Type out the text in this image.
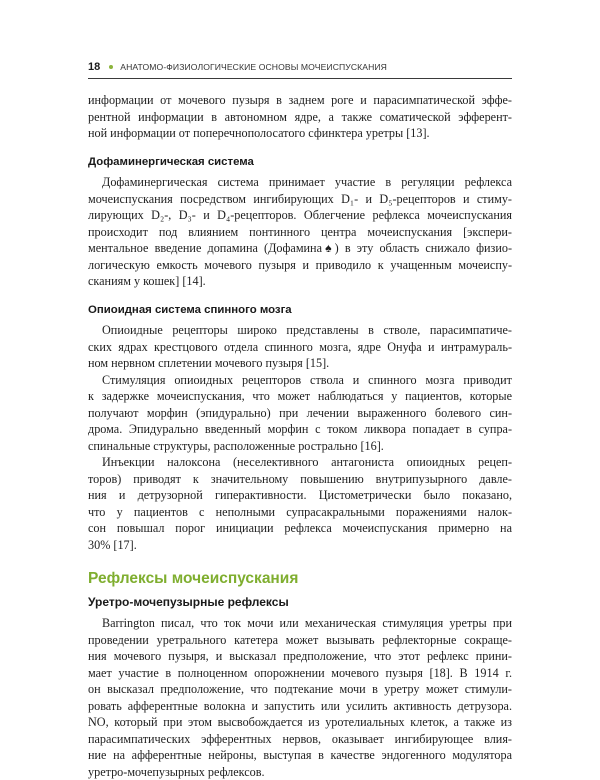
18 АНАТОМО-ФИЗИОЛОГИЧЕСКИЕ ОСНОВЫ МОЧЕИСПУСКАНИЯ

информации от мочевого пузыря в заднем роге и парасимпатической эффе-
рентной информации в автономном ядре, а также соматической эфферент-
ной информации от поперечнополосатого сфинктера уретры [13].

Дофаминергическая система

Дофаминергическая система принимает участие в регуляции рефлекса
мочеиспускания посредством ингибирующих D₁- и D₅-рецепторов и стиму-
лирующих D₂-, D₃- и D₄-рецепторов. Облегчение рефлекса мочеиспускания
происходит под влиянием понтинного центра мочеиспускания [экспери-
ментальное введение допамина (Дофамина♠) в эту область снижало физио-
логическую емкость мочевого пузыря и приводило к учащенным мочеиспу-
сканиям у кошек] [14].

Опиоидная система спинного мозга

Опиоидные рецепторы широко представлены в стволе, парасимпатиче-
ских ядрах крестцового отдела спинного мозга, ядре Онуфа и интрамураль-
ном нервном сплетении мочевого пузыря [15].

Стимуляция опиоидных рецепторов ствола и спинного мозга приводит
к задержке мочеиспускания, что может наблюдаться у пациентов, которые
получают морфин (эпидурально) при лечении выраженного болевого син-
дрома. Эпидурально введенный морфин с током ликвора попадает в супра-
спинальные структуры, расположенные рострально [16].

Инъекции налоксона (неселективного антагониста опиоидных рецеп-
торов) приводят к значительному повышению внутрипузырного давле-
ния и детрузорной гиперактивности. Цистометрически было показано,
что у пациентов с неполными супрасакральными поражениями налок-
сон повышал порог инициации рефлекса мочеиспускания примерно на
30% [17].

Рефлексы мочеиспускания
Уретро-мочепузырные рефлексы

Barrington писал, что ток мочи или механическая стимуляция уретры при
проведении уретрального катетера может вызывать рефлекторные сокраще-
ния мочевого пузыря, и высказал предположение, что этот рефлекс прини-
мает участие в полноценном опорожнении мочевого пузыря [18]. В 1914 г.
он высказал предположение, что подтекание мочи в уретру может стимули-
ровать афферентные волокна и запустить или усилить активность детрузора.
NO, который при этом высвобождается из уротелиальных клеток, а также из
парасимпатических эфферентных нервов, оказывает ингибирующее влия-
ние на афферентные нейроны, выступая в качестве эндогенного модулятора
уретро-мочепузырных рефлексов.
